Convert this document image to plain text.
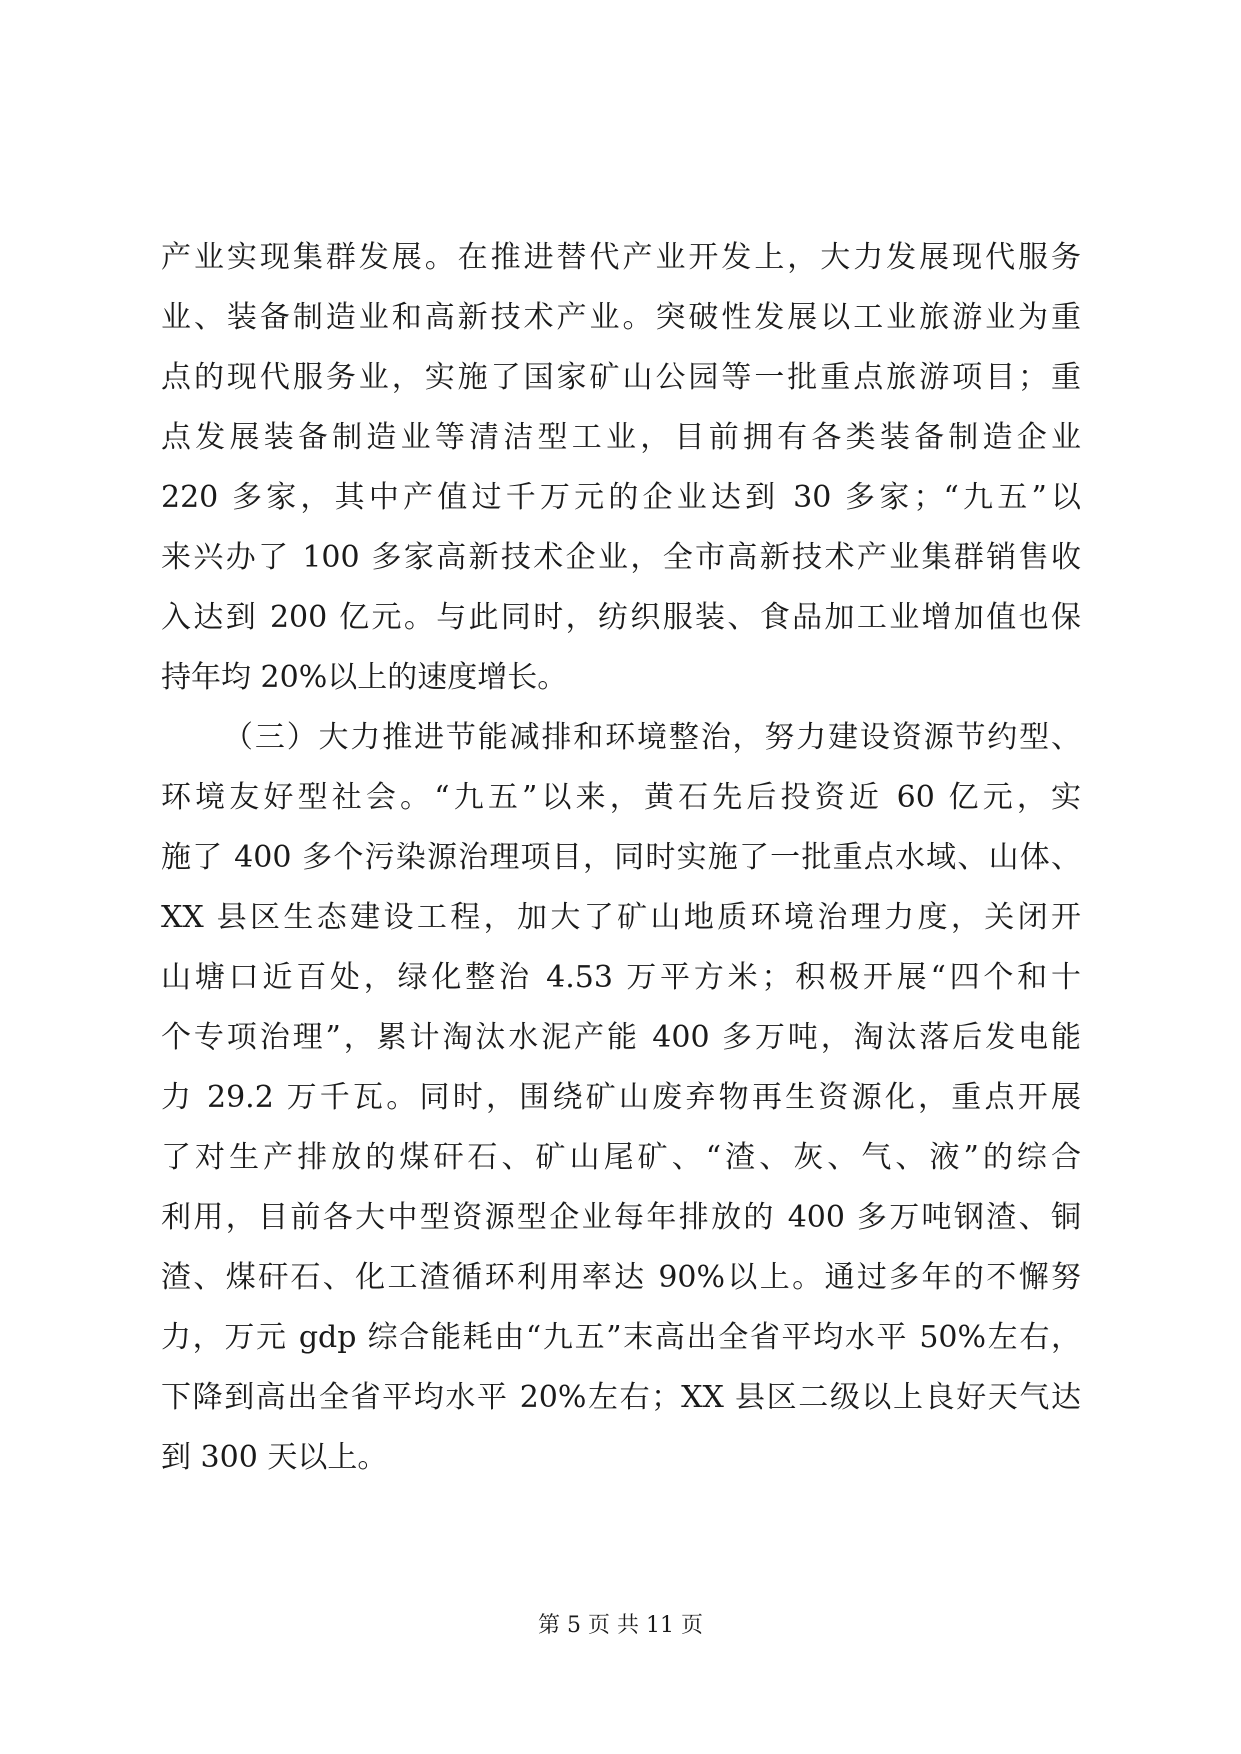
产业实现集群发展。在推进替代产业开发上，大力发展现代服务
业、装备制造业和高新技术产业。突破性发展以工业旅游业为重
点的现代服务业，实施了国家矿山公园等一批重点旅游项目；重
点发展装备制造业等清洁型工业，目前拥有各类装备制造企业
220 多家，其中产值过千万元的企业达到 30 多家；“九五”以
来兴办了 100 多家高新技术企业，全市高新技术产业集群销售收
入达到 200 亿元。与此同时，纺织服装、食品加工业增加值也保
持年均 20%以上的速度增长。
（三）大力推进节能减排和环境整治，努力建设资源节约型、
环境友好型社会。“九五”以来，黄石先后投资近 60 亿元，实
施了 400 多个污染源治理项目，同时实施了一批重点水域、山体、
XX 县区生态建设工程，加大了矿山地质环境治理力度，关闭开
山塘口近百处，绿化整治 4.53 万平方米；积极开展“四个和十
个专项治理”，累计淘汰水泥产能 400 多万吨，淘汰落后发电能
力 29.2 万千瓦。同时，围绕矿山废弃物再生资源化，重点开展
了对生产排放的煤矸石、矿山尾矿、“渣、灰、气、液”的综合
利用，目前各大中型资源型企业每年排放的 400 多万吨钢渣、铜
渣、煤矸石、化工渣循环利用率达 90%以上。通过多年的不懈努
力，万元 gdp 综合能耗由“九五”末高出全省平均水平 50%左右，
下降到高出全省平均水平 20%左右；XX 县区二级以上良好天气达
到 300 天以上。
第 5 页 共 11 页
